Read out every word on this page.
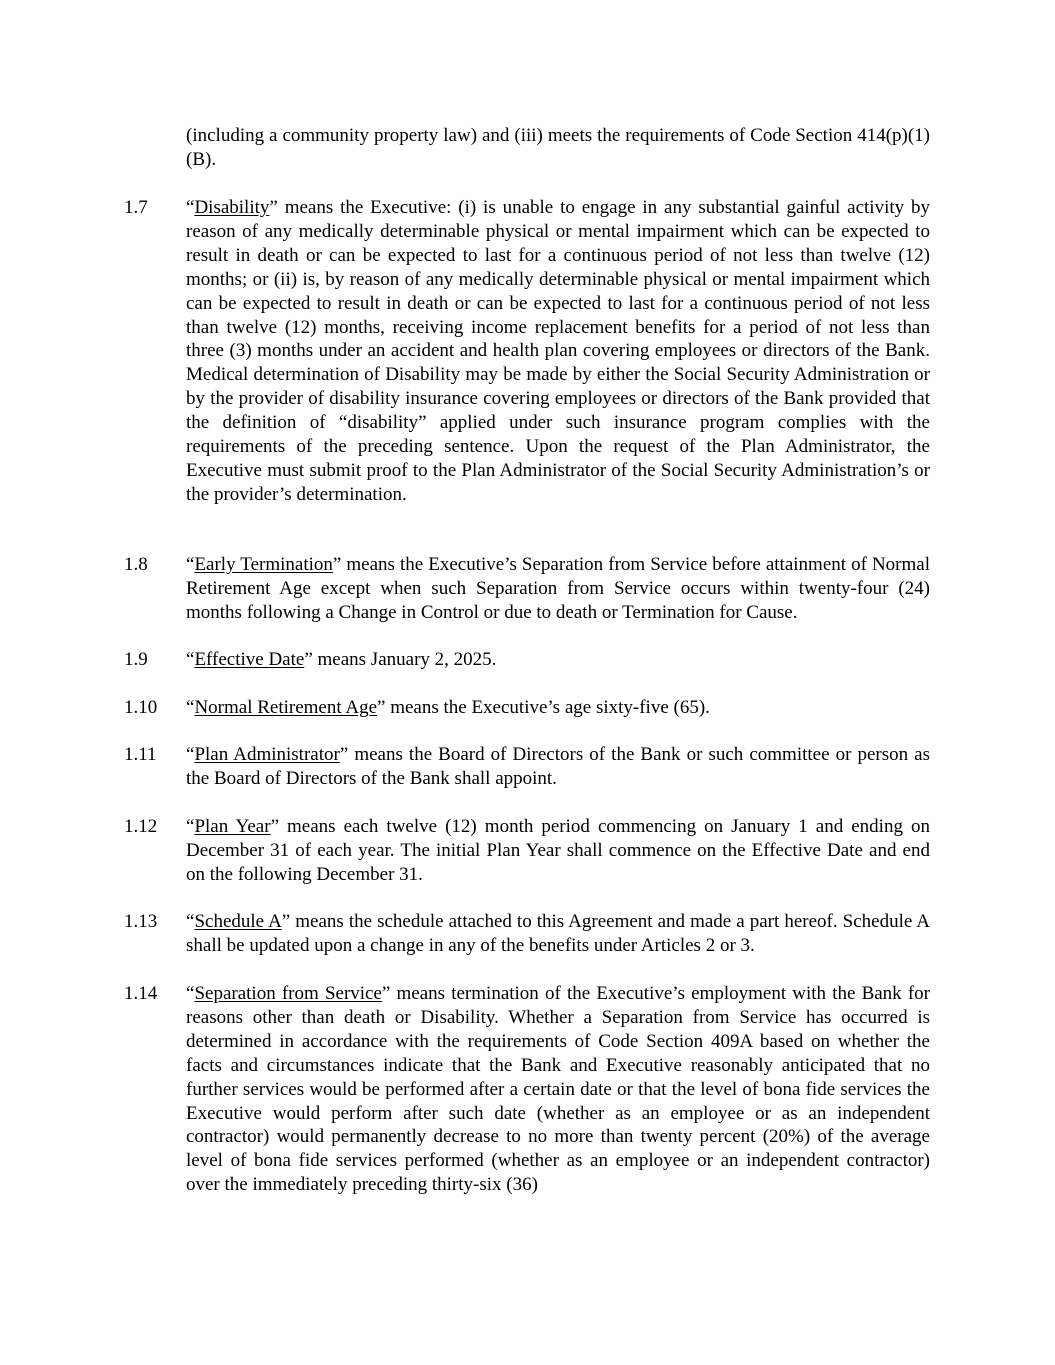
(including a community property law) and (iii) meets the requirements of Code Section 414(p)(1)(B).
1.7	“Disability” means the Executive: (i) is unable to engage in any substantial gainful activity by reason of any medically determinable physical or mental impairment which can be expected to result in death or can be expected to last for a continuous period of not less than twelve (12) months; or (ii) is, by reason of any medically determinable physical or mental impairment which can be expected to result in death or can be expected to last for a continuous period of not less than twelve (12) months, receiving income replacement benefits for a period of not less than three (3) months under an accident and health plan covering employees or directors of the Bank. Medical determination of Disability may be made by either the Social Security Administration or by the provider of disability insurance covering employees or directors of the Bank provided that the definition of “disability” applied under such insurance program complies with the requirements of the preceding sentence. Upon the request of the Plan Administrator, the Executive must submit proof to the Plan Administrator of the Social Security Administration’s or the provider’s determination.
1.8	“Early Termination” means the Executive’s Separation from Service before attainment of Normal Retirement Age except when such Separation from Service occurs within twenty-four (24) months following a Change in Control or due to death or Termination for Cause.
1.9	“Effective Date” means January 2, 2025.
1.10	“Normal Retirement Age” means the Executive’s age sixty-five (65).
1.11	“Plan Administrator” means the Board of Directors of the Bank or such committee or person as the Board of Directors of the Bank shall appoint.
1.12	“Plan Year” means each twelve (12) month period commencing on January 1 and ending on December 31 of each year. The initial Plan Year shall commence on the Effective Date and end on the following December 31.
1.13	“Schedule A” means the schedule attached to this Agreement and made a part hereof. Schedule A shall be updated upon a change in any of the benefits under Articles 2 or 3.
1.14	“Separation from Service” means termination of the Executive’s employment with the Bank for reasons other than death or Disability. Whether a Separation from Service has occurred is determined in accordance with the requirements of Code Section 409A based on whether the facts and circumstances indicate that the Bank and Executive reasonably anticipated that no further services would be performed after a certain date or that the level of bona fide services the Executive would perform after such date (whether as an employee or as an independent contractor) would permanently decrease to no more than twenty percent (20%) of the average level of bona fide services performed (whether as an employee or an independent contractor) over the immediately preceding thirty-six (36)
